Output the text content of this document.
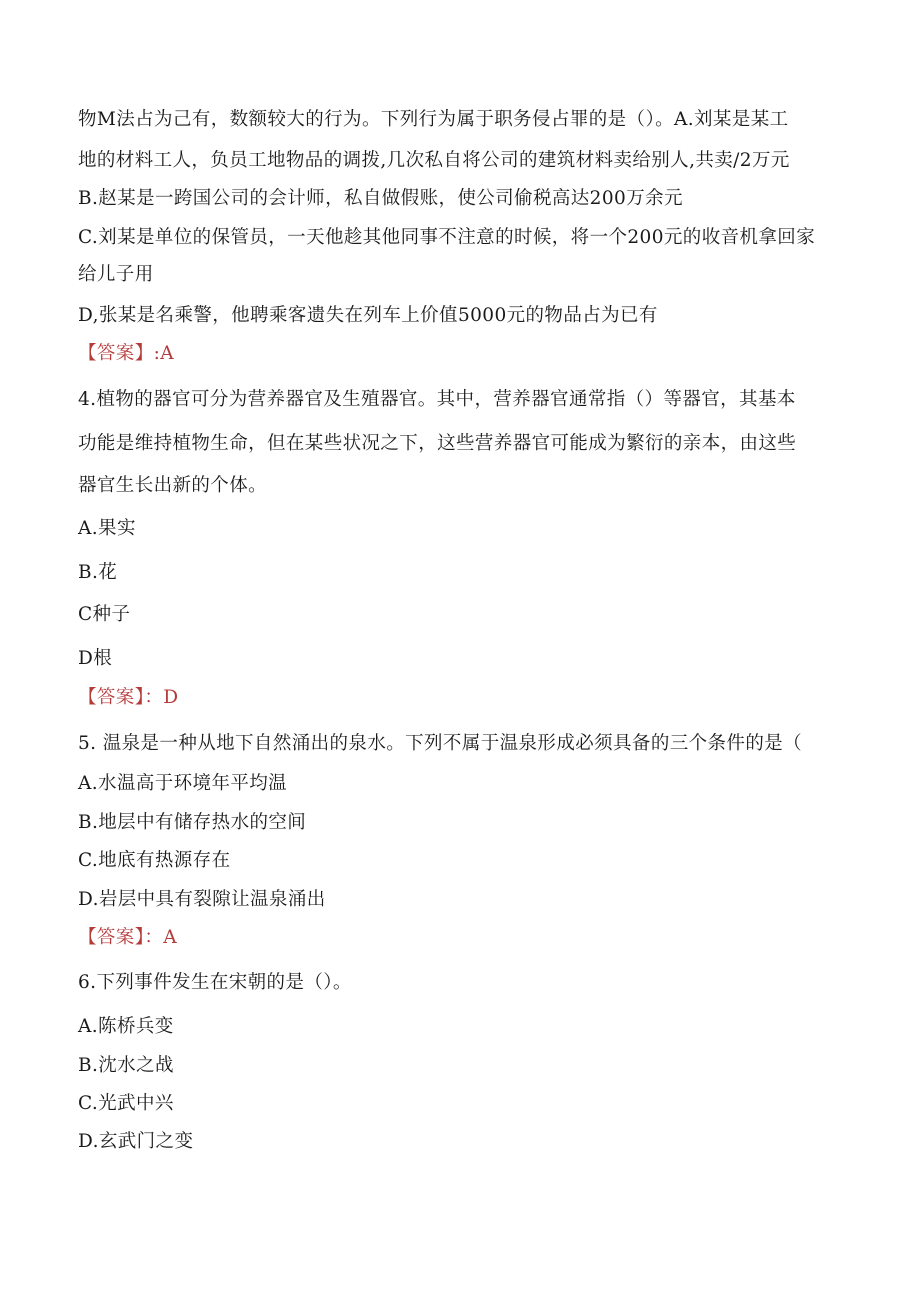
物M法占为己有，数额较大的行为。下列行为属于职务侵占罪的是（）。A.刘某是某工
地的材料工人，负员工地物品的调拨,几次私自将公司的建筑材料卖给别人,共卖/2万元
B.赵某是一跨国公司的会计师，私自做假账，使公司偷税高达200万余元
C.刘某是单位的保管员，一天他趁其他同事不注意的时候，将一个200元的收音机拿回家
给儿子用
D,张某是名乘警，他聘乘客遗失在列车上价值5000元的物品占为已有
【答案】:A
4.植物的器官可分为营养器官及生殖器官。其中，营养器官通常指（）等器官，其基本
功能是维持植物生命，但在某些状况之下，这些营养器官可能成为繁衍的亲本，由这些
器官生长出新的个体。
A.果实
B.花
C种子
D根
【答案】：D
5. 温泉是一种从地下自然涌出的泉水。下列不属于温泉形成必须具备的三个条件的是（
A.水温高于环境年平均温
B.地层中有储存热水的空间
C.地底有热源存在
D.岩层中具有裂隙让温泉涌出
【答案】：A
6.下列事件发生在宋朝的是（）。
A.陈桥兵变
B.沈水之战
C.光武中兴
D.玄武门之变
